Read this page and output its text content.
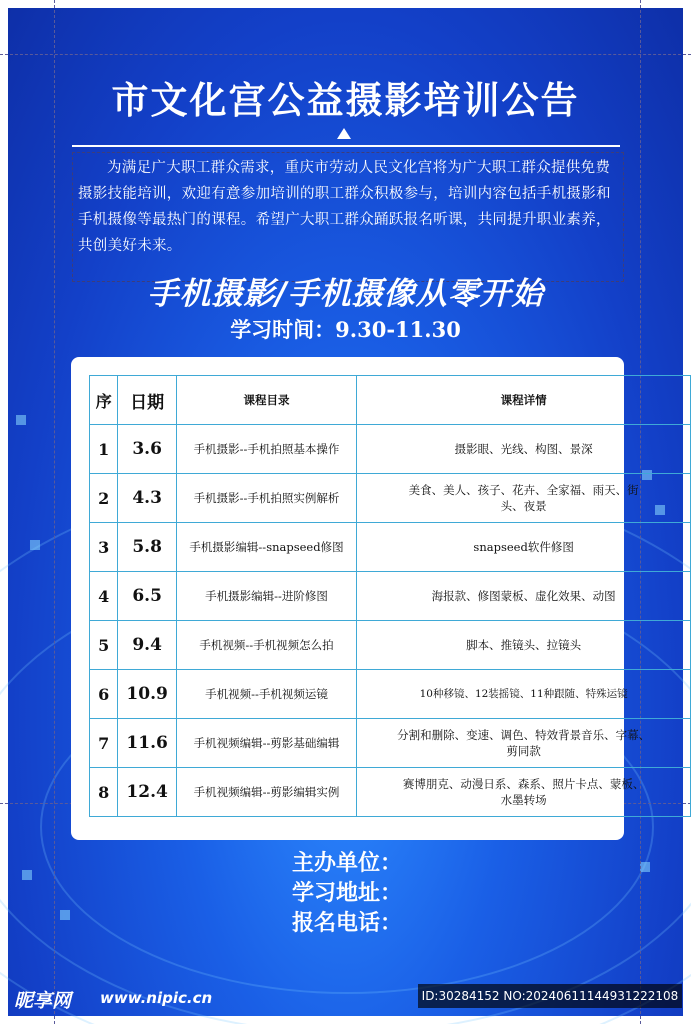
市文化宫公益摄影培训公告
为满足广大职工群众需求，重庆市劳动人民文化宫将为广大职工群众提供免费摄影技能培训，欢迎有意参加培训的职工群众积极参与，培训内容包括手机摄影和手机摄像等最热门的课程。希望广大职工群众踊跃报名听课，共同提升职业素养，共创美好未来。
手机摄影/手机摄像从零开始
学习时间：9.30-11.30
序	日期	课程目录	课程详情
1	3.6	手机摄影--手机拍照基本操作	摄影眼、光线、构图、景深
2	4.3	手机摄影--手机拍照实例解析	美食、美人、孩子、花卉、全家福、雨天、街头、夜景
3	5.8	手机摄影编辑--snapseed修图	snapseed软件修图
4	6.5	手机摄影编辑--进阶修图	海报款、修图蒙板、虚化效果、动图
5	9.4	手机视频--手机视频怎么拍	脚本、推镜头、拉镜头
6	10.9	手机视频--手机视频运镜	10种移镜、12装摇镜、11种跟随、特殊运镜
7	11.6	手机视频编辑--剪影基础编辑	分割和删除、变速、调色、特效背景音乐、字幕、剪同款
8	12.4	手机视频编辑--剪影编辑实例	赛博朋克、动漫日系、森系、照片卡点、蒙板、水墨转场
主办单位：
学习地址：
报名电话：
昵享网 www.nipic.cn	ID:30284152 NO:20240611144931222108
